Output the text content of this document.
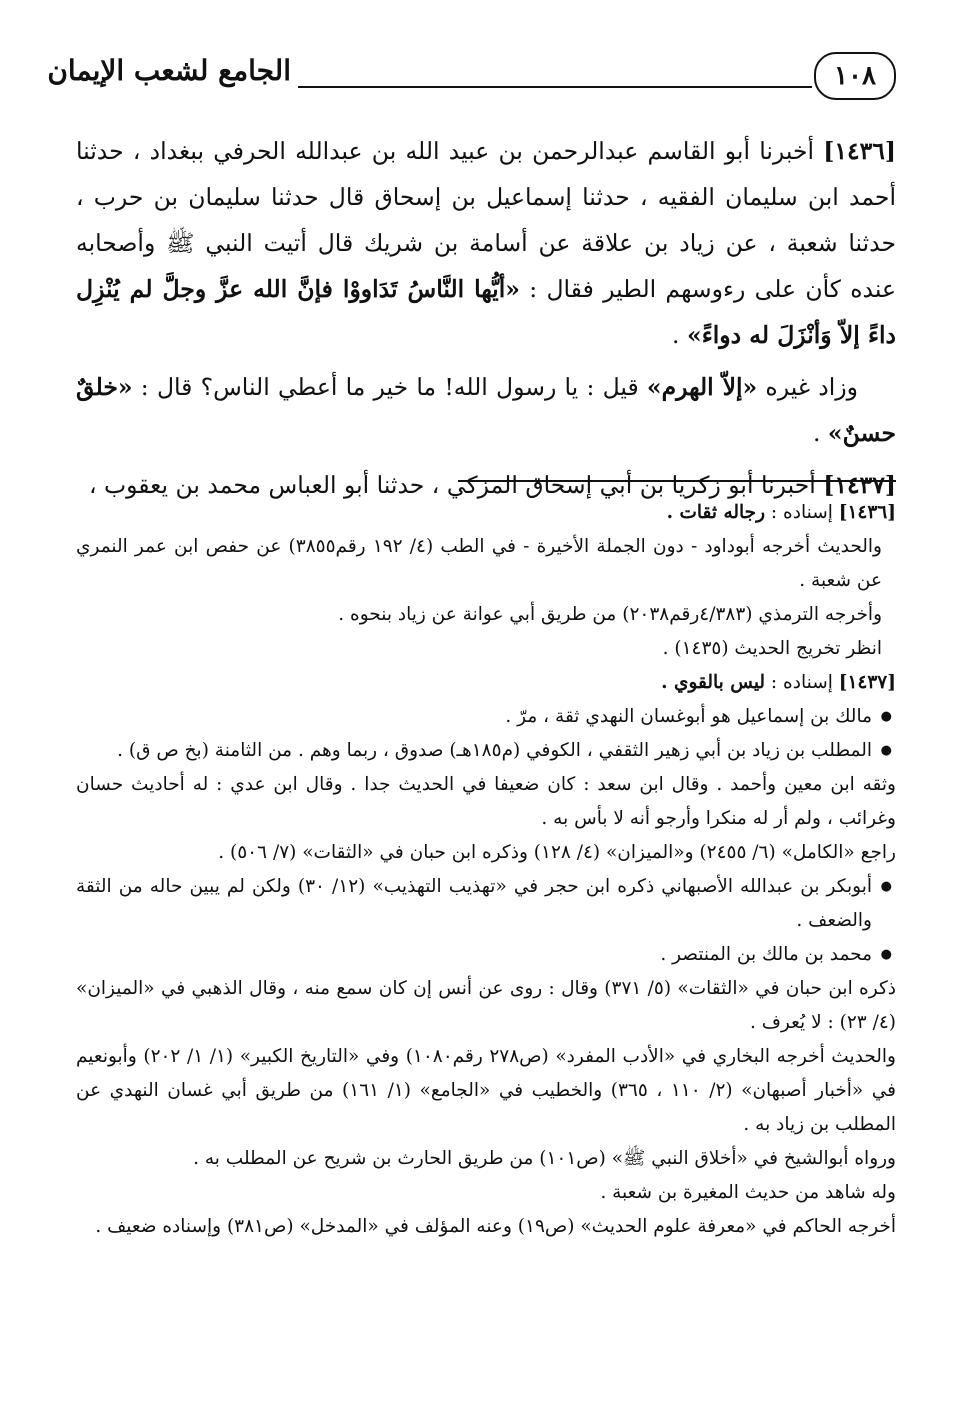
١٠٨
الجامع لشعب الإيمان

[١٤٣٦] أخبرنا أبو القاسم عبدالرحمن بن عبيد الله بن عبدالله الحرفي ببغداد ، حدثنا أحمد ابن سليمان الفقيه ، حدثنا إسماعيل بن إسحاق قال حدثنا سليمان بن حرب ، حدثنا شعبة ، عن زياد بن علاقة عن أسامة بن شريك قال أتيت النبي ﷺ وأصحابه عنده كأن على رءوسهم الطير فقال : «أيُّها النَّاسُ تَدَاووْا فإنَّ الله عزَّ وجلَّ لم يُنْزِل داءً إلاّ وَأنْزَلَ له دواءً» .

وزاد غيره «إلاّ الهرم» قيل : يا رسول الله! ما خير ما أعطي الناس؟ قال : «خلقٌ حسنٌ» .

[١٤٣٧] أخبرنا أبو زكريا بن أبي إسحاق المزكي ، حدثنا أبو العباس محمد بن يعقوب ،

[١٤٣٦] إسناده : رجاله ثقات .

والحديث أخرجه أبوداود - دون الجملة الأخيرة - في الطب (٤/ ١٩٢ رقم٣٨٥٥) عن حفص ابن عمر النمري عن شعبة .

وأخرجه الترمذي (٤/٣٨٣رقم٢٠٣٨) من طريق أبي عوانة عن زياد بنحوه .

انظر تخريج الحديث (١٤٣٥) .

[١٤٣٧] إسناده : ليس بالقوي .

● مالك بن إسماعيل هو أبوغسان النهدي ثقة ، مرّ .

● المطلب بن زياد بن أبي زهير الثقفي ، الكوفي (م١٨٥هـ) صدوق ، ربما وهم . من الثامنة (بخ ص ق) .

وثقه ابن معين وأحمد . وقال ابن سعد : كان ضعيفا في الحديث جدا . وقال ابن عدي : له أحاديث حسان وغرائب ، ولم أر له منكرا وأرجو أنه لا بأس به .

راجع «الكامل» (٦/ ٢٤٥٥) و«الميزان» (٤/ ١٢٨) وذكره ابن حبان في «الثقات» (٧/ ٥٠٦) .

● أبوبكر بن عبدالله الأصبهاني ذكره ابن حجر في «تهذيب التهذيب» (١٢/ ٣٠) ولكن لم يبين حاله من الثقة والضعف .

● محمد بن مالك بن المنتصر .

ذكره ابن حبان في «الثقات» (٥/ ٣٧١) وقال : روى عن أنس إن كان سمع منه ، وقال الذهبي في «الميزان» (٤/ ٢٣) : لا يُعرف .

والحديث أخرجه البخاري في «الأدب المفرد» (ص٢٧٨ رقم١٠٨٠) وفي «التاريخ الكبير» (١/ ١/ ٢٠٢) وأبونعيم في «أخبار أصبهان» (٢/ ١١٠ ، ٣٦٥) والخطيب في «الجامع» (١/ ١٦١) من طريق أبي غسان النهدي عن المطلب بن زياد به .

ورواه أبوالشيخ في «أخلاق النبي ﷺ» (ص١٠١) من طريق الحارث بن شريح عن المطلب به .

وله شاهد من حديث المغيرة بن شعبة .

أخرجه الحاكم في «معرفة علوم الحديث» (ص١٩) وعنه المؤلف في «المدخل» (ص٣٨١) وإسناده ضعيف .
